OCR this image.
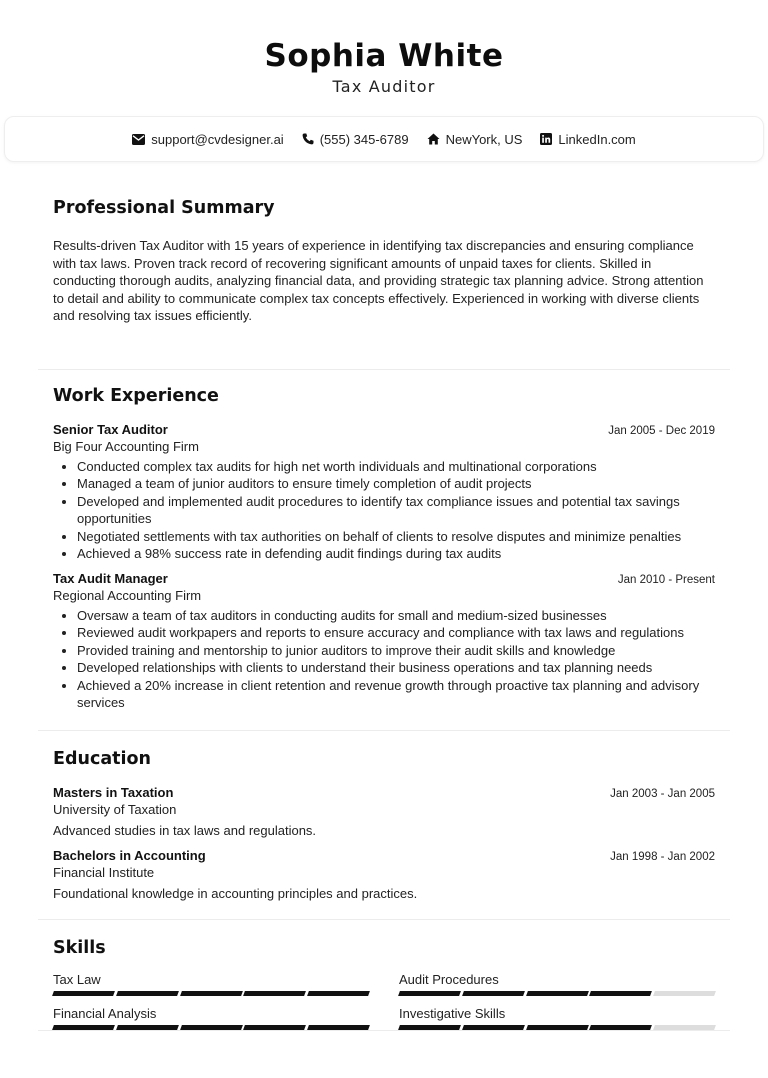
Sophia White
Tax Auditor
support@cvdesigner.ai	(555) 345-6789	NewYork, US	LinkedIn.com
Professional Summary

Results-driven Tax Auditor with 15 years of experience in identifying tax discrepancies and ensuring compliance with tax laws. Proven track record of recovering significant amounts of unpaid taxes for clients. Skilled in conducting thorough audits, analyzing financial data, and providing strategic tax planning advice. Strong attention to detail and ability to communicate complex tax concepts effectively. Experienced in working with diverse clients and resolving tax issues efficiently.

Work Experience
Senior Tax Auditor	Jan 2005 - Dec 2019
Big Four Accounting Firm
• Conducted complex tax audits for high net worth individuals and multinational corporations
• Managed a team of junior auditors to ensure timely completion of audit projects
• Developed and implemented audit procedures to identify tax compliance issues and potential tax savings opportunities
• Negotiated settlements with tax authorities on behalf of clients to resolve disputes and minimize penalties
• Achieved a 98% success rate in defending audit findings during tax audits
Tax Audit Manager	Jan 2010 - Present
Regional Accounting Firm
• Oversaw a team of tax auditors in conducting audits for small and medium-sized businesses
• Reviewed audit workpapers and reports to ensure accuracy and compliance with tax laws and regulations
• Provided training and mentorship to junior auditors to improve their audit skills and knowledge
• Developed relationships with clients to understand their business operations and tax planning needs
• Achieved a 20% increase in client retention and revenue growth through proactive tax planning and advisory services
Education
Masters in Taxation	Jan 2003 - Jan 2005
University of Taxation
Advanced studies in tax laws and regulations.
Bachelors in Accounting	Jan 1998 - Jan 2002
Financial Institute
Foundational knowledge in accounting principles and practices.
Skills
Tax Law	Audit Procedures
Financial Analysis	Investigative Skills
